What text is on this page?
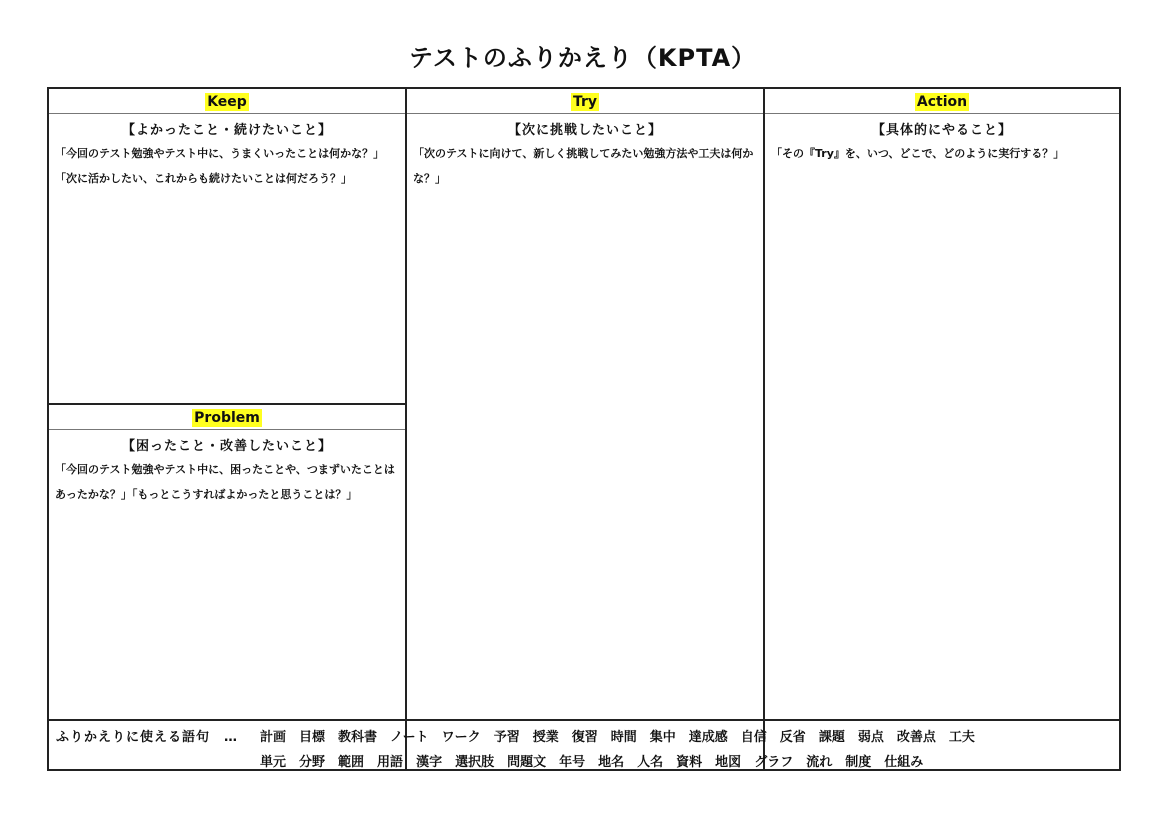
テストのふりかえり（KPTA）
Keep
【よかったこと・続けたいこと】
「今回のテスト勉強やテスト中に、うまくいったことは何かな？」「次に活かしたい、これからも続けたいことは何だろう？」
Problem
【困ったこと・改善したいこと】
「今回のテスト勉強やテスト中に、困ったことや、つまずいたことはあったかな？」「もっとこうすればよかったと思うことは？」
Try
【次に挑戦したいこと】
「次のテストに向けて、新しく挑戦してみたい勉強方法や工夫は何かな？」
Action
【具体的にやること】
「その『Try』を、いつ、どこで、どのように実行する？」
ふりかえりに使える語句　… 計画 目標 教科書 ノート ワーク 予習 授業 復習 時間 集中 達成感 自信 反省 課題 弱点 改善点 工夫
単元 分野 範囲 用語 漢字 選択肢 問題文 年号 地名 人名 資料 地図 グラフ 流れ 制度 仕組み
